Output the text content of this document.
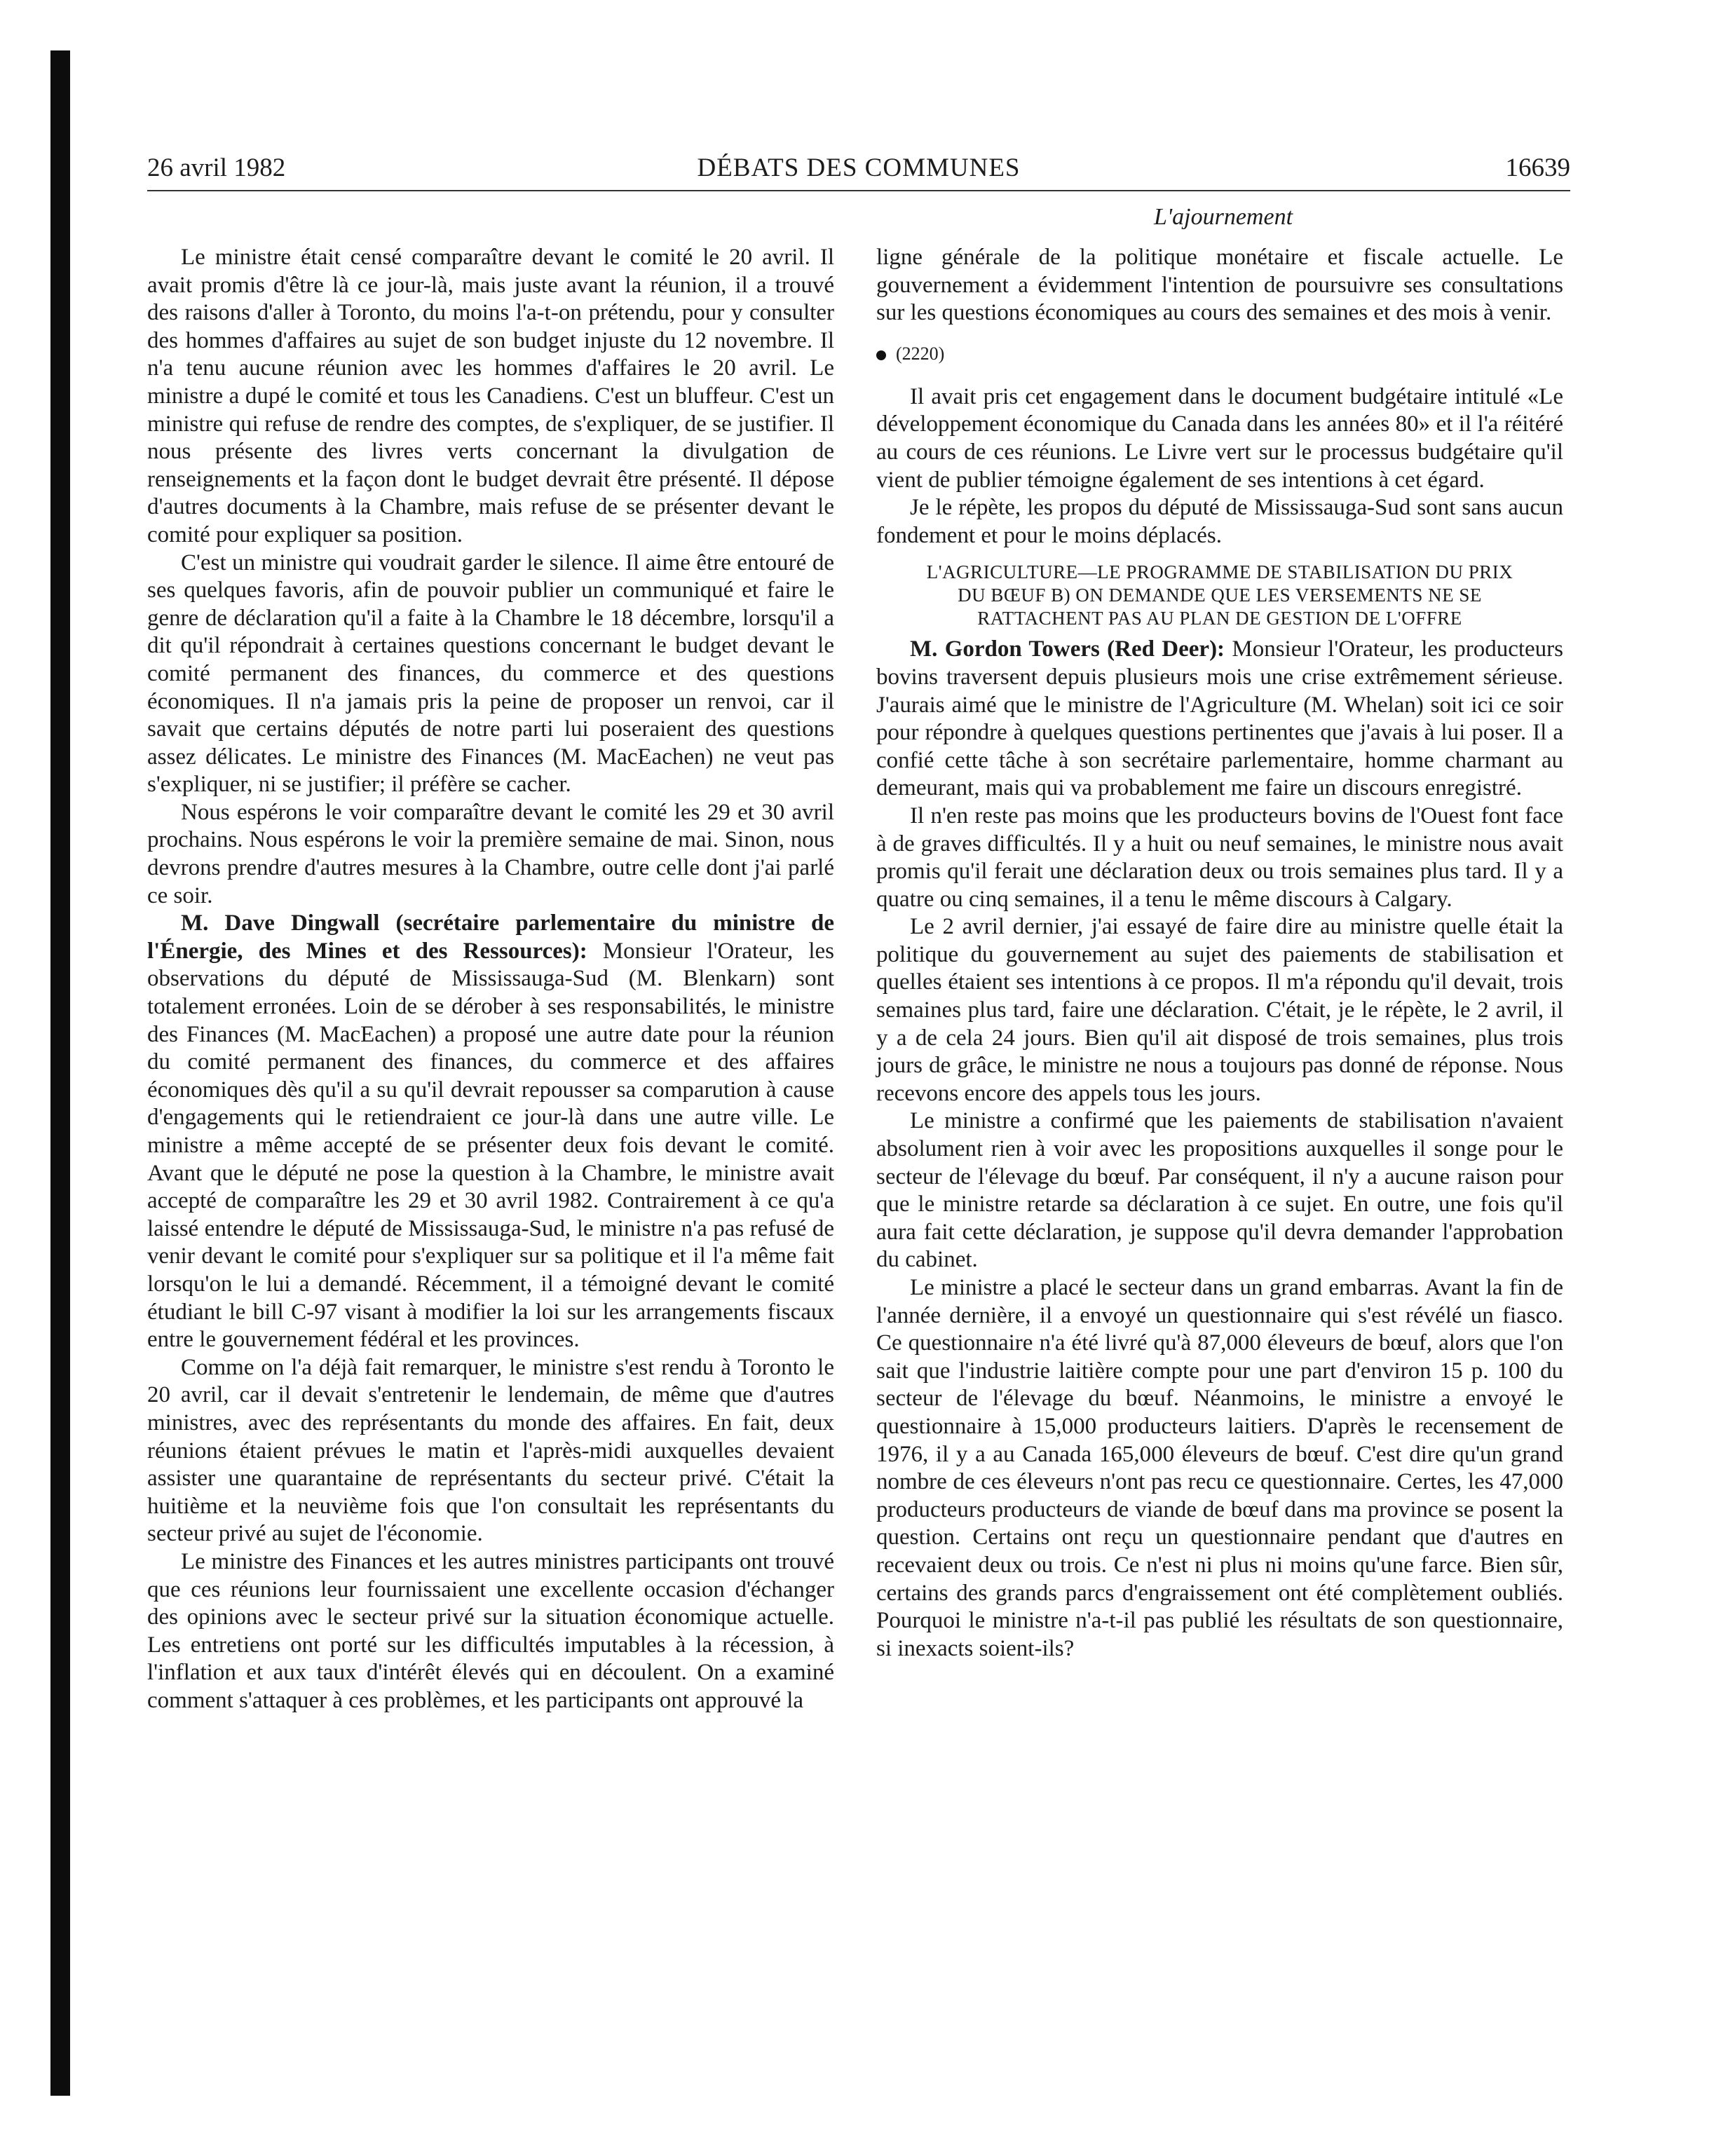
26 avril 1982	DÉBATS DES COMMUNES	16639
L'ajournement

Le ministre était censé comparaître devant le comité le 20 avril. Il avait promis d'être là ce jour-là, mais juste avant la réunion, il a trouvé des raisons d'aller à Toronto, du moins l'a-t-on prétendu, pour y consulter des hommes d'affaires au sujet de son budget injuste du 12 novembre. Il n'a tenu aucune réunion avec les hommes d'affaires le 20 avril. Le ministre a dupé le comité et tous les Canadiens. C'est un bluffeur. C'est un ministre qui refuse de rendre des comptes, de s'expliquer, de se justifier. Il nous présente des livres verts concernant la divulgation de renseignements et la façon dont le budget devrait être présenté. Il dépose d'autres documents à la Chambre, mais refuse de se présenter devant le comité pour expliquer sa position.

C'est un ministre qui voudrait garder le silence. Il aime être entouré de ses quelques favoris, afin de pouvoir publier un communiqué et faire le genre de déclaration qu'il a faite à la Chambre le 18 décembre, lorsqu'il a dit qu'il répondrait à certaines questions concernant le budget devant le comité permanent des finances, du commerce et des questions économiques. Il n'a jamais pris la peine de proposer un renvoi, car il savait que certains députés de notre parti lui poseraient des questions assez délicates. Le ministre des Finances (M. MacEachen) ne veut pas s'expliquer, ni se justifier; il préfère se cacher.

Nous espérons le voir comparaître devant le comité les 29 et 30 avril prochains. Nous espérons le voir la première semaine de mai. Sinon, nous devrons prendre d'autres mesures à la Chambre, outre celle dont j'ai parlé ce soir.

M. Dave Dingwall (secrétaire parlementaire du ministre de l'Énergie, des Mines et des Ressources): Monsieur l'Orateur, les observations du député de Mississauga-Sud (M. Blenkarn) sont totalement erronées. Loin de se dérober à ses responsabilités, le ministre des Finances (M. MacEachen) a proposé une autre date pour la réunion du comité permanent des finances, du commerce et des affaires économiques dès qu'il a su qu'il devrait repousser sa comparution à cause d'engagements qui le retiendraient ce jour-là dans une autre ville. Le ministre a même accepté de se présenter deux fois devant le comité. Avant que le député ne pose la question à la Chambre, le ministre avait accepté de comparaître les 29 et 30 avril 1982. Contrairement à ce qu'a laissé entendre le député de Mississauga-Sud, le ministre n'a pas refusé de venir devant le comité pour s'expliquer sur sa politique et il l'a même fait lorsqu'on le lui a demandé. Récemment, il a témoigné devant le comité étudiant le bill C-97 visant à modifier la loi sur les arrangements fiscaux entre le gouvernement fédéral et les provinces.

Comme on l'a déjà fait remarquer, le ministre s'est rendu à Toronto le 20 avril, car il devait s'entretenir le lendemain, de même que d'autres ministres, avec des représentants du monde des affaires. En fait, deux réunions étaient prévues le matin et l'après-midi auxquelles devaient assister une quarantaine de représentants du secteur privé. C'était la huitième et la neuvième fois que l'on consultait les représentants du secteur privé au sujet de l'économie.

Le ministre des Finances et les autres ministres participants ont trouvé que ces réunions leur fournissaient une excellente occasion d'échanger des opinions avec le secteur privé sur la situation économique actuelle. Les entretiens ont porté sur les difficultés imputables à la récession, à l'inflation et aux taux d'intérêt élevés qui en découlent. On a examiné comment s'attaquer à ces problèmes, et les participants ont approuvé la

ligne générale de la politique monétaire et fiscale actuelle. Le gouvernement a évidemment l'intention de poursuivre ses consultations sur les questions économiques au cours des semaines et des mois à venir.

(2220)

Il avait pris cet engagement dans le document budgétaire intitulé «Le développement économique du Canada dans les années 80» et il l'a réitéré au cours de ces réunions. Le Livre vert sur le processus budgétaire qu'il vient de publier témoigne également de ses intentions à cet égard.

Je le répète, les propos du député de Mississauga-Sud sont sans aucun fondement et pour le moins déplacés.

L'AGRICULTURE—LE PROGRAMME DE STABILISATION DU PRIX
DU BŒUF B) ON DEMANDE QUE LES VERSEMENTS NE SE
RATTACHENT PAS AU PLAN DE GESTION DE L'OFFRE

M. Gordon Towers (Red Deer): Monsieur l'Orateur, les producteurs bovins traversent depuis plusieurs mois une crise extrêmement sérieuse. J'aurais aimé que le ministre de l'Agriculture (M. Whelan) soit ici ce soir pour répondre à quelques questions pertinentes que j'avais à lui poser. Il a confié cette tâche à son secrétaire parlementaire, homme charmant au demeurant, mais qui va probablement me faire un discours enregistré.

Il n'en reste pas moins que les producteurs bovins de l'Ouest font face à de graves difficultés. Il y a huit ou neuf semaines, le ministre nous avait promis qu'il ferait une déclaration deux ou trois semaines plus tard. Il y a quatre ou cinq semaines, il a tenu le même discours à Calgary.

Le 2 avril dernier, j'ai essayé de faire dire au ministre quelle était la politique du gouvernement au sujet des paiements de stabilisation et quelles étaient ses intentions à ce propos. Il m'a répondu qu'il devait, trois semaines plus tard, faire une déclaration. C'était, je le répète, le 2 avril, il y a de cela 24 jours. Bien qu'il ait disposé de trois semaines, plus trois jours de grâce, le ministre ne nous a toujours pas donné de réponse. Nous recevons encore des appels tous les jours.

Le ministre a confirmé que les paiements de stabilisation n'avaient absolument rien à voir avec les propositions auxquelles il songe pour le secteur de l'élevage du bœuf. Par conséquent, il n'y a aucune raison pour que le ministre retarde sa déclaration à ce sujet. En outre, une fois qu'il aura fait cette déclaration, je suppose qu'il devra demander l'approbation du cabinet.

Le ministre a placé le secteur dans un grand embarras. Avant la fin de l'année dernière, il a envoyé un questionnaire qui s'est révélé un fiasco. Ce questionnaire n'a été livré qu'à 87,000 éleveurs de bœuf, alors que l'on sait que l'industrie laitière compte pour une part d'environ 15 p. 100 du secteur de l'élevage du bœuf. Néanmoins, le ministre a envoyé le questionnaire à 15,000 producteurs laitiers. D'après le recensement de 1976, il y a au Canada 165,000 éleveurs de bœuf. C'est dire qu'un grand nombre de ces éleveurs n'ont pas recu ce questionnaire. Certes, les 47,000 producteurs producteurs de viande de bœuf dans ma province se posent la question. Certains ont reçu un questionnaire pendant que d'autres en recevaient deux ou trois. Ce n'est ni plus ni moins qu'une farce. Bien sûr, certains des grands parcs d'engraissement ont été complètement oubliés. Pourquoi le ministre n'a-t-il pas publié les résultats de son questionnaire, si inexacts soient-ils?
